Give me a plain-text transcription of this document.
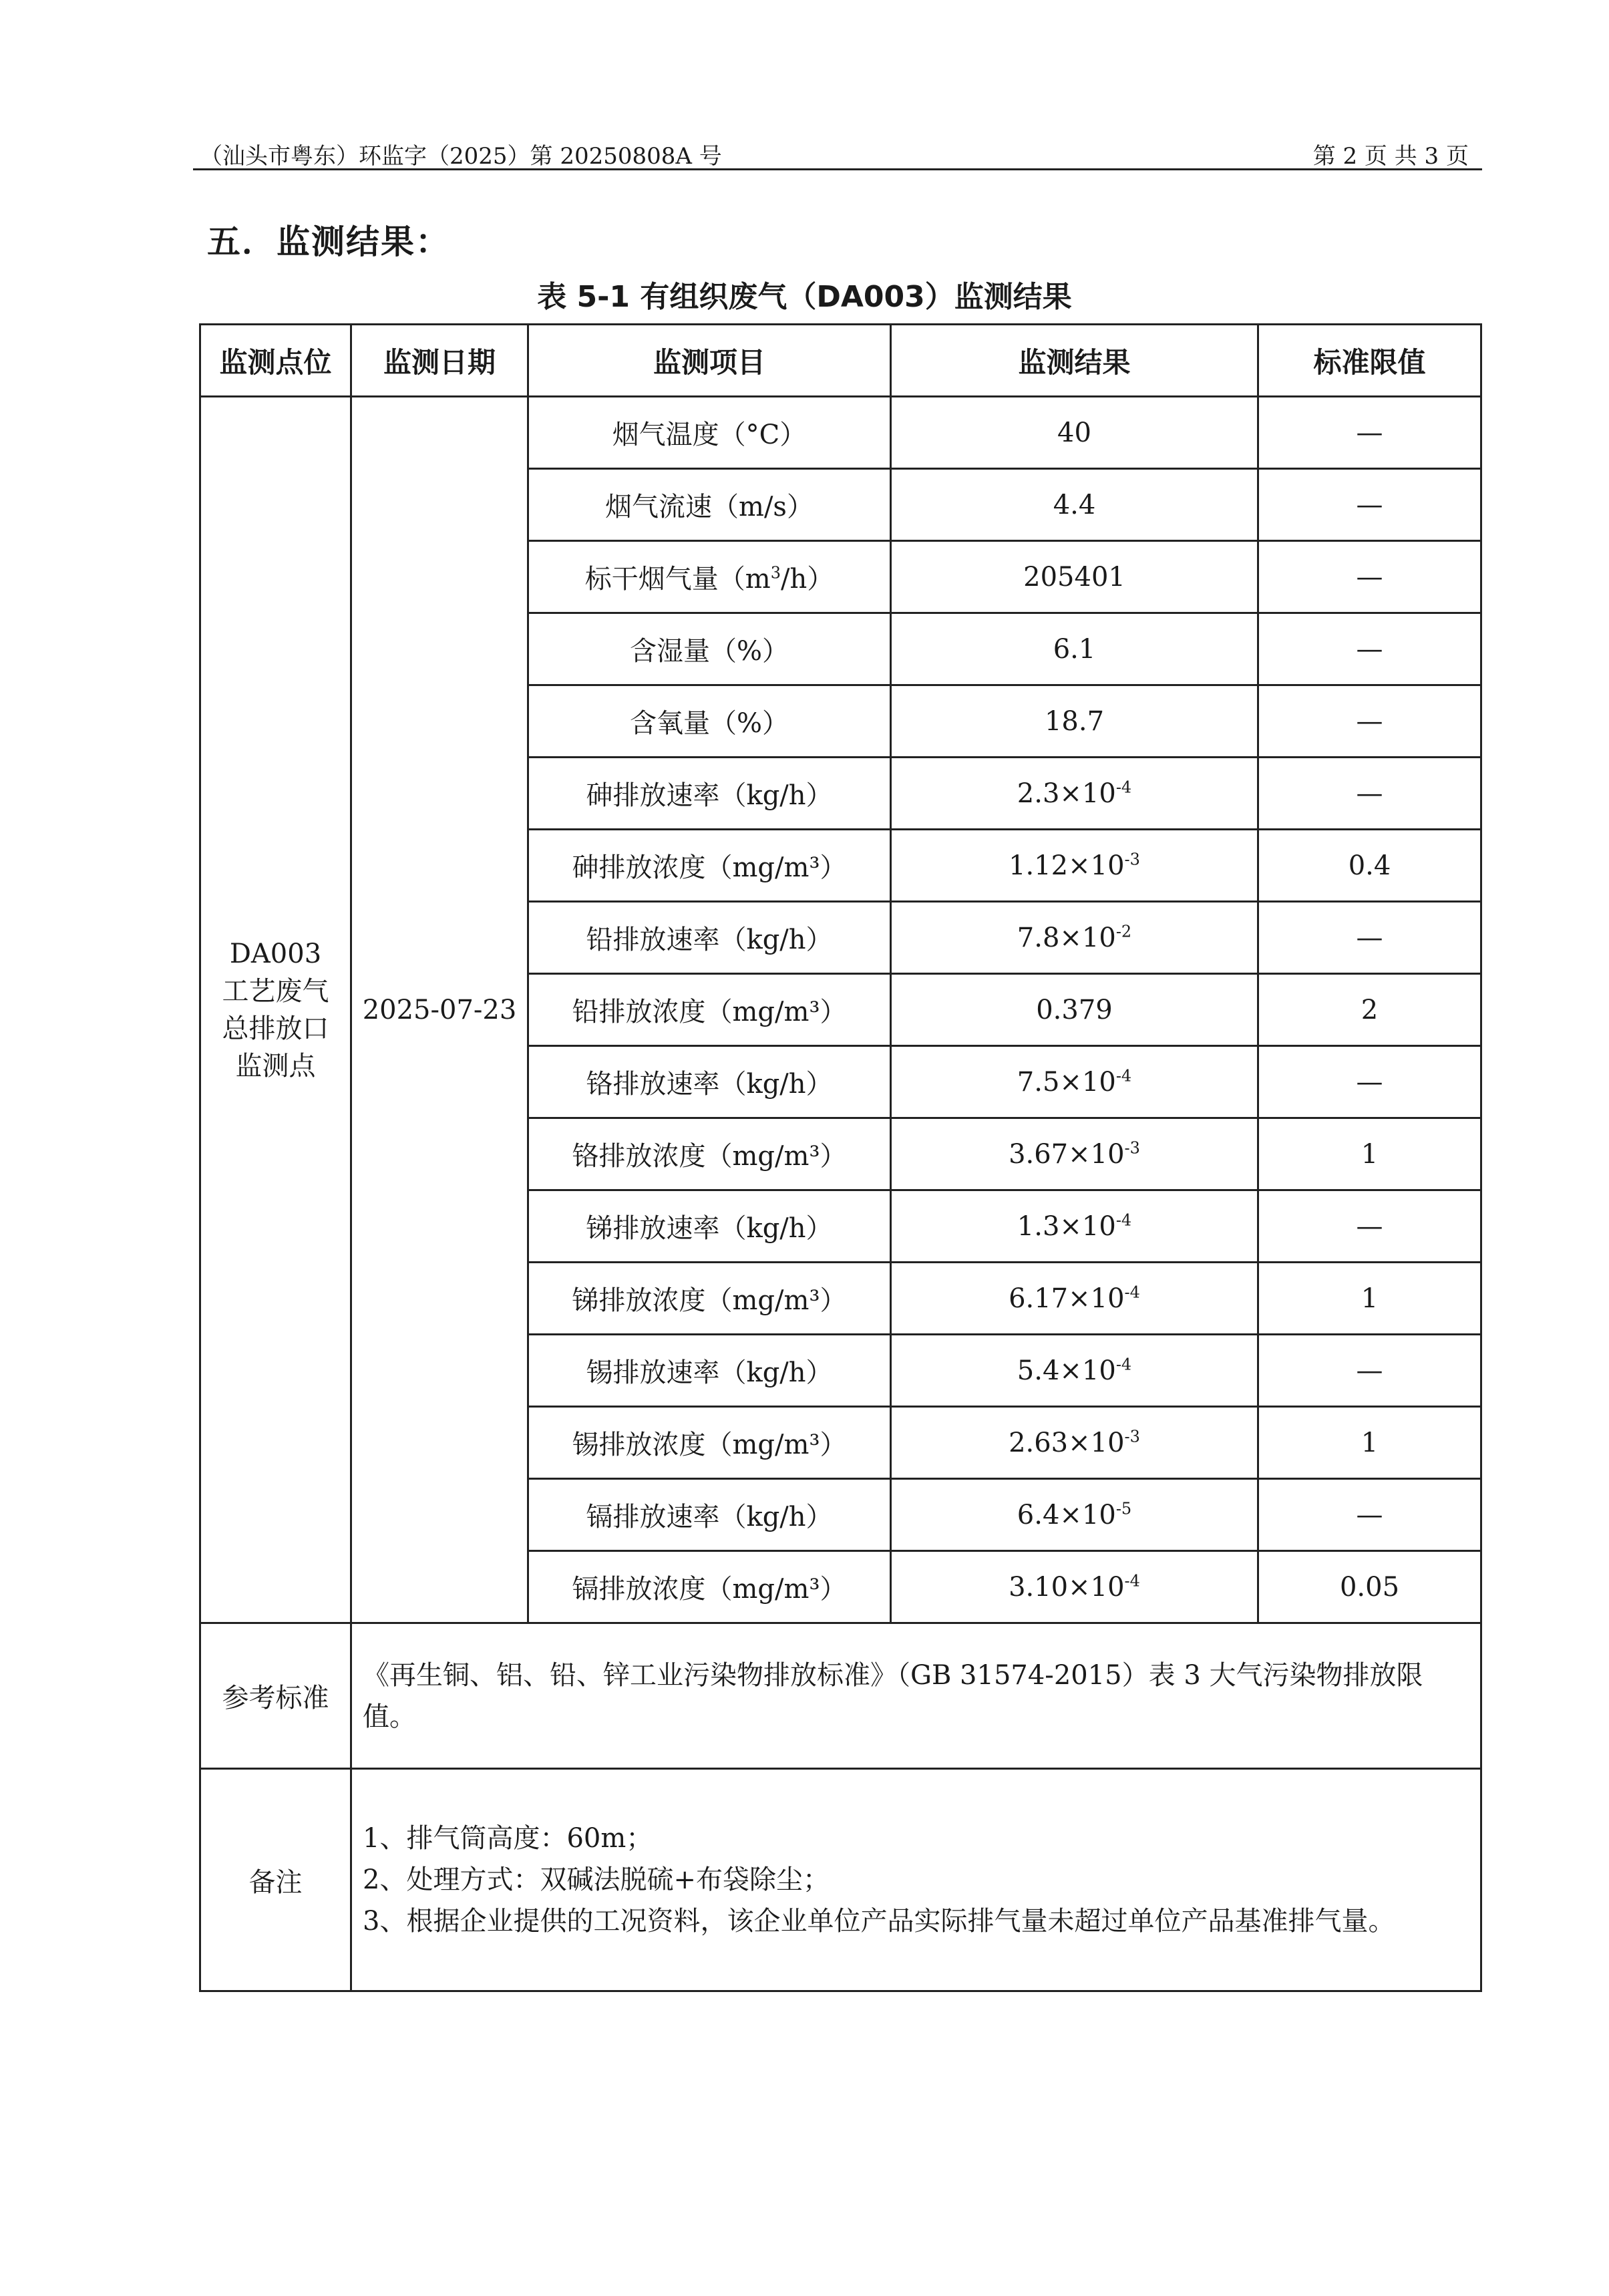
（汕头市粤东）环监字（2025）第 20250808A 号	第 2 页 共 3 页
五．监测结果：
表 5-1 有组织废气（DA003）监测结果
监测点位	监测日期	监测项目	监测结果	标准限值

DA003
工艺废气
总排放口
监测点	2025-07-23	烟气温度（°C）	40	—
		烟气流速（m/s）	4.4	—
		标干烟气量$(m^3/h)$	205401	—
		含湿量（%）	6.1	—
		含氧量（%）	18.7	—
		砷排放速率（kg/h）	$2.3\times 10^{-4}$	—
		砷排放浓度（mg/m³）	$1.12\times 10^{-3}$	0.4
		铅排放速率（kg/h）	$7.8\times 10^{-2}$	—
		铅排放浓度（mg/m³）	0.379	2
		铬排放速率（kg/h）	$7.5\times 10^{-4}$	—
		铬排放浓度（mg/m³）	$3.67\times 10^{-3}$	1
		锑排放速率（kg/h）	$1.3\times 10^{-4}$	—
		锑排放浓度（mg/m³）	$6.17\times 10^{-4}$	1
		锡排放速率（kg/h）	$5.4\times 10^{-4}$	—
		锡排放浓度（mg/m³）	$2.63\times 10^{-3}$	1
		镉排放速率（kg/h）	$6.4\times 10^{-5}$	—
		镉排放浓度（mg/m³）	$3.10\times 10^{-4}$	0.05
参考标准	《再生铜、铝、铅、锌工业污染物排放标准》（GB 31574-2015）表 3 大气污染物排放限值。			
备注	1、排气筒高度：60m；
2、处理方式：双碱法脱硫+布袋除尘；
3、根据企业提供的工况资料，该企业单位产品实际排气量未超过单位产品基准排气量。			
